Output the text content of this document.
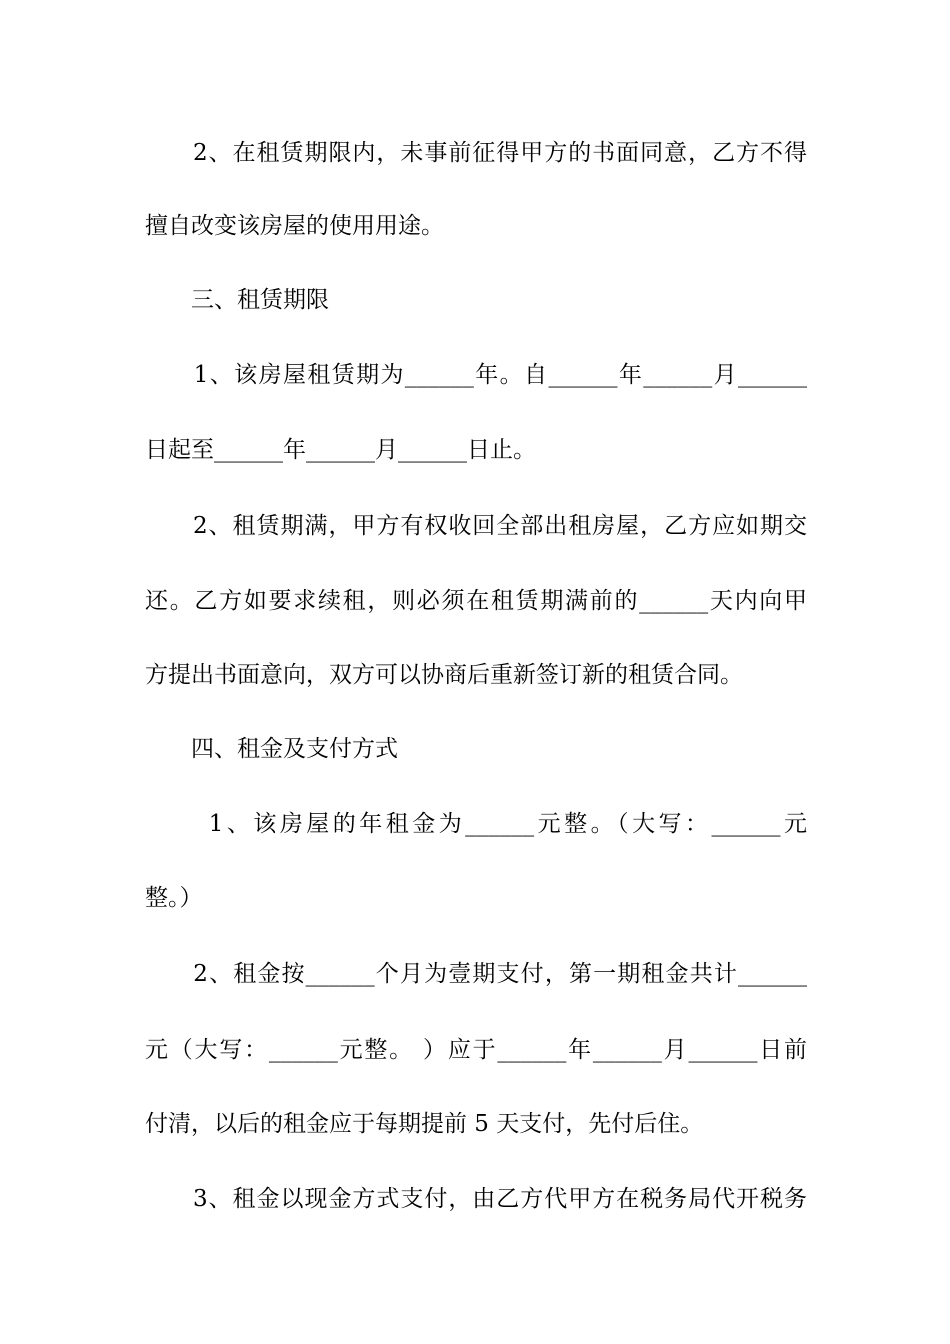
　　2、在租赁期限内，未事前征得甲方的书面同意，乙方不得

擅自改变该房屋的使用用途。

　　三、租赁期限

　　1、该房屋租赁期为______年。自______年______月______

日起至______年______月______日止。

　　2、租赁期满，甲方有权收回全部出租房屋，乙方应如期交

还。乙方如要求续租，则必须在租赁期满前的______天内向甲

方提出书面意向，双方可以协商后重新签订新的租赁合同。

　　四、租金及支付方式

　　 1、该房屋的年租金为______元整。（大写：______元

整。）

　　2、租金按______个月为壹期支付，第一期租金共计______

元（大写：______元整。 ）应于______年______月______日前

付清，以后的租金应于每期提前 5 天支付，先付后住。

　　3、租金以现金方式支付，由乙方代甲方在税务局代开税务
